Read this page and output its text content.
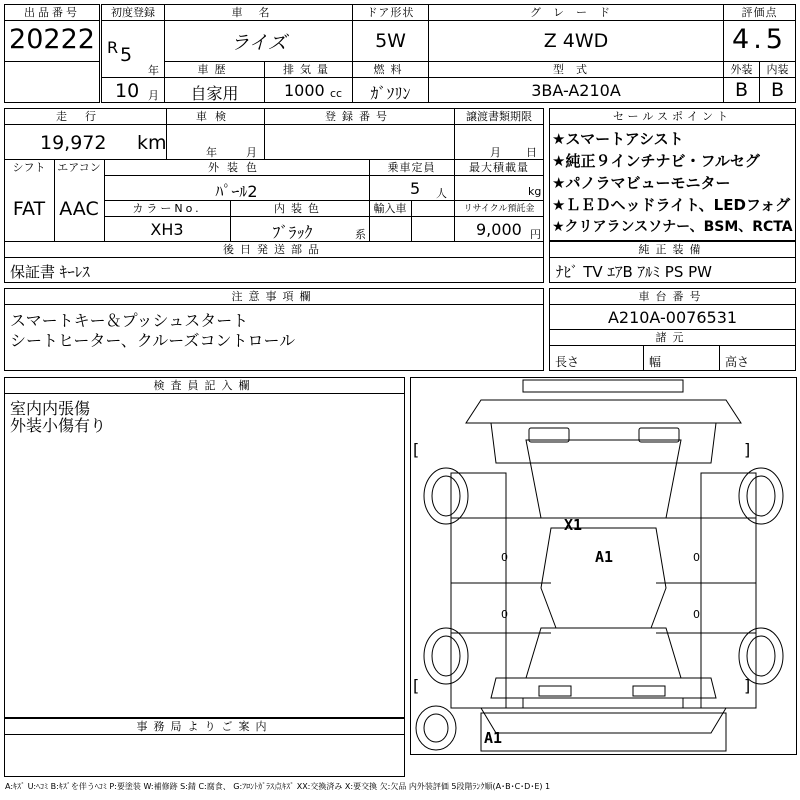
出品番号
20222
初度登録
R 5
年
10 月
車名
ライズ
ドア形状
5W
グレード
Z 4WD
評価点
4.5
車歴
自家用
排気量
1000 cc
燃料
ｶﾞｿﾘﾝ
型式
3BA-A210A
外装
B
内装
B
走行
19,972 km
車検
年	月
登録番号	譲渡書類期限
月 日
シフト
FAT
エアコン
AAC
外装色
ﾊﾟｰﾙ2
乗車定員
5 人
最大積載量
kg
カラーNo.
XH3
内装色
ﾌﾞﾗｯｸ	系
輸入車	リサイクル預託金
9,000 円
後日発送部品
保証書 ｷｰﾚｽ
セールスポイント
★スマートアシスト
★純正９インチナビ・フルセグ
★パノラマビューモニター
★ＬＥＤヘッドライト、LEDフォグ
★クリアランスソナー、BSM、RCTA
純正装備
ﾅﾋﾞ TV ｴｱB ｱﾙﾐ PS PW
注意事項欄
スマートキー＆プッシュスタート
シートヒーター、クルーズコントロール
車台番号
A210A-0076531
諸元
長さ	幅	高さ
検査員記入欄
室内内張傷
外装小傷有り
事務局よりご案内
[	]
[	]
0
0
0
0
X1
A1
A1
A:ｷｽﾞ U:ﾍｺﾐ B:ｷｽﾞを伴うﾍｺﾐ P:要塗装 W:補修跡 S:錆 C:腐食、 G:ﾌﾛﾝﾄｶﾞﾗｽ点ｷｽﾞ XX:交換済み X:要交換 欠:欠品 内外装評価 5段階ﾗﾝｸ順(A･B･C･D･E) 1
